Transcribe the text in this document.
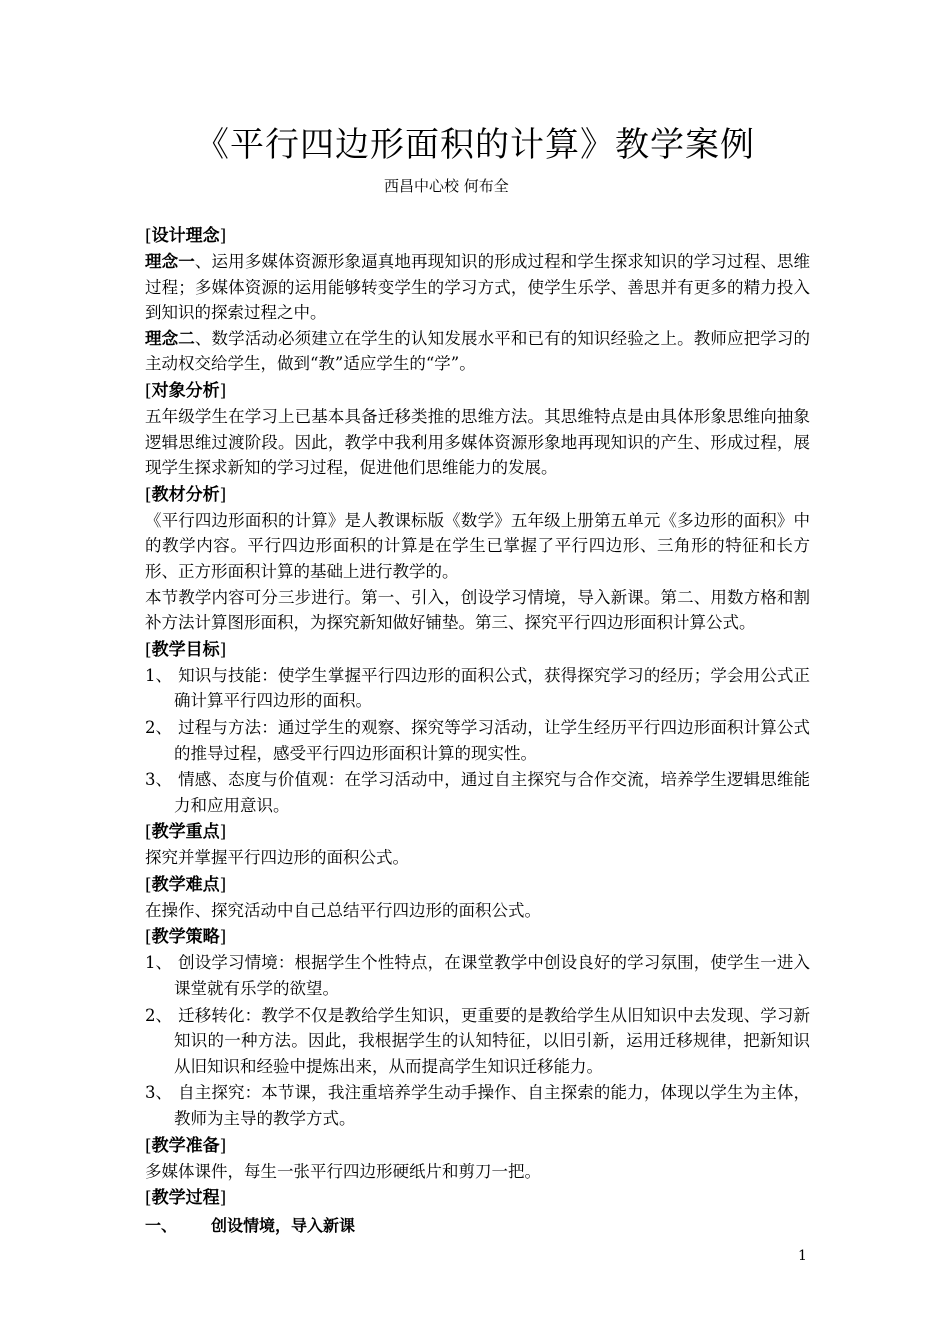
《平行四边形面积的计算》教学案例
西昌中心校 何布全
[设计理念]

理念一、运用多媒体资源形象逼真地再现知识的形成过程和学生探求知识的学习过程、思维过程；多媒体资源的运用能够转变学生的学习方式，使学生乐学、善思并有更多的精力投入到知识的探索过程之中。

理念二、数学活动必须建立在学生的认知发展水平和已有的知识经验之上。教师应把学习的主动权交给学生，做到“教”适应学生的“学”。

[对象分析]

五年级学生在学习上已基本具备迁移类推的思维方法。其思维特点是由具体形象思维向抽象逻辑思维过渡阶段。因此，教学中我利用多媒体资源形象地再现知识的产生、形成过程，展现学生探求新知的学习过程，促进他们思维能力的发展。

[教材分析]

《平行四边形面积的计算》是人教课标版《数学》五年级上册第五单元《多边形的面积》中的教学内容。平行四边形面积的计算是在学生已掌握了平行四边形、三角形的特征和长方形、正方形面积计算的基础上进行教学的。

本节教学内容可分三步进行。第一、引入，创设学习情境，导入新课。第二、用数方格和割补方法计算图形面积，为探究新知做好铺垫。第三、探究平行四边形面积计算公式。

[教学目标]

1、 知识与技能：使学生掌握平行四边形的面积公式，获得探究学习的经历；学会用公式正确计算平行四边形的面积。

2、 过程与方法：通过学生的观察、探究等学习活动，让学生经历平行四边形面积计算公式的推导过程，感受平行四边形面积计算的现实性。

3、 情感、态度与价值观：在学习活动中，通过自主探究与合作交流，培养学生逻辑思维能力和应用意识。

[教学重点]

探究并掌握平行四边形的面积公式。

[教学难点]

在操作、探究活动中自己总结平行四边形的面积公式。

[教学策略]

1、 创设学习情境：根据学生个性特点，在课堂教学中创设良好的学习氛围，使学生一进入课堂就有乐学的欲望。

2、 迁移转化：教学不仅是教给学生知识，更重要的是教给学生从旧知识中去发现、学习新知识的一种方法。因此，我根据学生的认知特征，以旧引新，运用迁移规律，把新知识从旧知识和经验中提炼出来，从而提高学生知识迁移能力。

3、 自主探究：本节课，我注重培养学生动手操作、自主探索的能力，体现以学生为主体，教师为主导的教学方式。

[教学准备]

多媒体课件，每生一张平行四边形硬纸片和剪刀一把。

[教学过程]
一、 创设情境，导入新课
1
